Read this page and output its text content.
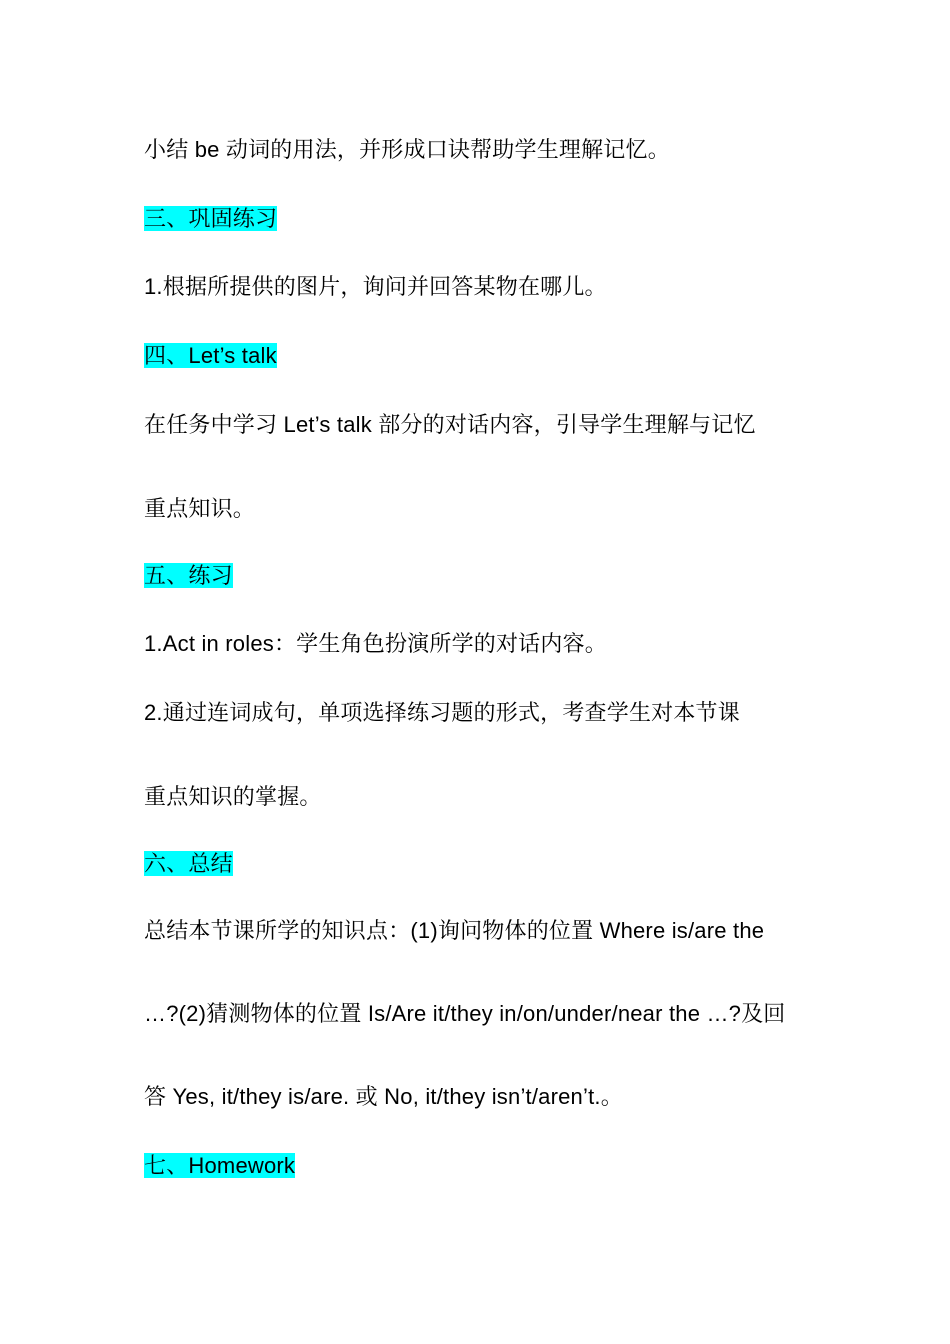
小结 be 动词的用法，并形成口诀帮助学生理解记忆。
三、巩固练习
1.根据所提供的图片，询问并回答某物在哪儿。
四、Let’s talk
在任务中学习 Let’s talk 部分的对话内容，引导学生理解与记忆
重点知识。
五、练习
1.Act in roles：学生角色扮演所学的对话内容。
2.通过连词成句，单项选择练习题的形式，考查学生对本节课
重点知识的掌握。
六、总结
总结本节课所学的知识点：(1)询问物体的位置 Where is/are the
…?(2)猜测物体的位置 Is/Are it/they in/on/under/near the …?及回
答 Yes, it/they is/are. 或 No, it/they isn’t/aren’t.。
七、Homework
